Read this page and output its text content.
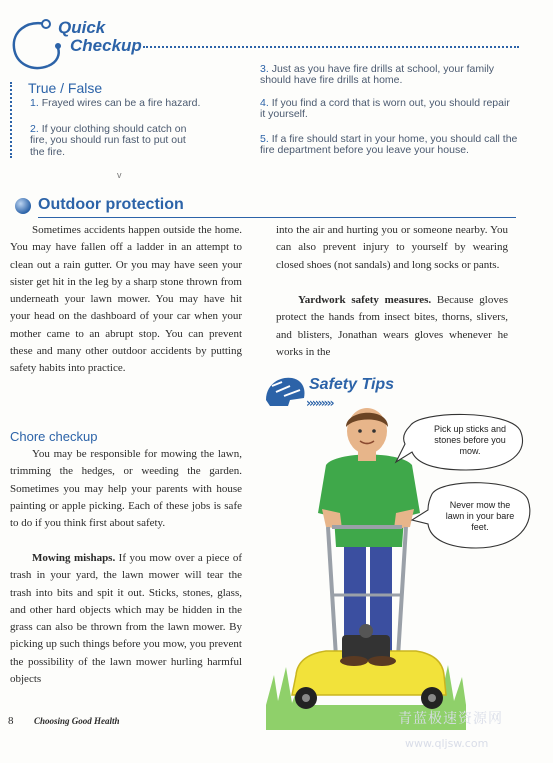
Quick
Checkup
True / False
1. Frayed wires can be a fire hazard.
2. If your clothing should catch on fire, you should run fast to put out the fire.
3. Just as you have fire drills at school, your family should have fire drills at home.
4. If you find a cord that is worn out, you should repair it yourself.
5. If a fire should start in your home, you should call the fire department before you leave your house.
v
Outdoor protection
Sometimes accidents happen outside the home. You may have fallen off a ladder in an attempt to clean out a rain gutter. Or you may have seen your sister get hit in the leg by a sharp stone thrown from underneath your lawn mower. You may have hit your head on the dashboard of your car when your mother came to an abrupt stop. You can prevent these and many other outdoor accidents by putting safety habits into practice.
Chore checkup
You may be responsible for mowing the lawn, trimming the hedges, or weeding the garden. Sometimes you may help your parents with house painting or apple picking. Each of these jobs is safe to do if you think first about safety.
Mowing mishaps. If you mow over a piece of trash in your yard, the lawn mower will tear the trash into bits and spit it out. Sticks, stones, glass, and other hard objects which may be hidden in the grass can also be thrown from the lawn mower. By picking up such things before you mow, you prevent the possibility of the lawn mower hurling harmful objects
into the air and hurting you or someone nearby. You can also prevent injury to yourself by wearing closed shoes (not sandals) and long socks or pants.
Yardwork safety measures. Because gloves protect the hands from insect bites, thorns, slivers, and blisters, Jonathan wears gloves whenever he works in the
Safety Tips
›››››››››
Pick up sticks and stones before you mow.
Never mow the lawn in your bare feet.
8 Choosing Good Health	青蓝极速资源网
www.qljsw.com
